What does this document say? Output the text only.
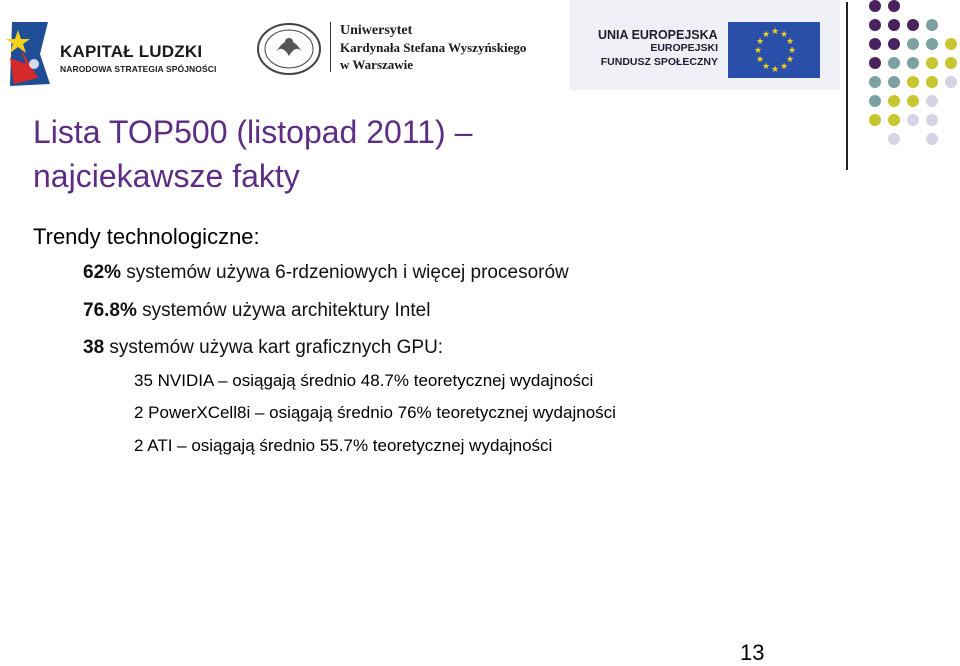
KAPITAŁ LUDZKI
NARODOWA STRATEGIA SPÓJNOŚCI
Uniwersytet
Kardynała Stefana Wyszyńskiego
w Warszawie
UNIA EUROPEJSKA
EUROPEJSKI
FUNDUSZ SPOŁECZNY
★ ★
★
★
★
★
★
★
★
★
★
★
Lista TOP500 (listopad 2011) –
najciekawsze fakty
Trendy technologiczne:
62% systemów używa 6-rdzeniowych i więcej procesorów
76.8% systemów używa architektury Intel
38 systemów używa kart graficznych GPU:
35 NVIDIA – osiągają średnio 48.7% teoretycznej wydajności
2 PowerXCell8i – osiągają średnio 76% teoretycznej wydajności
2 ATI – osiągają średnio 55.7% teoretycznej wydajności
13
